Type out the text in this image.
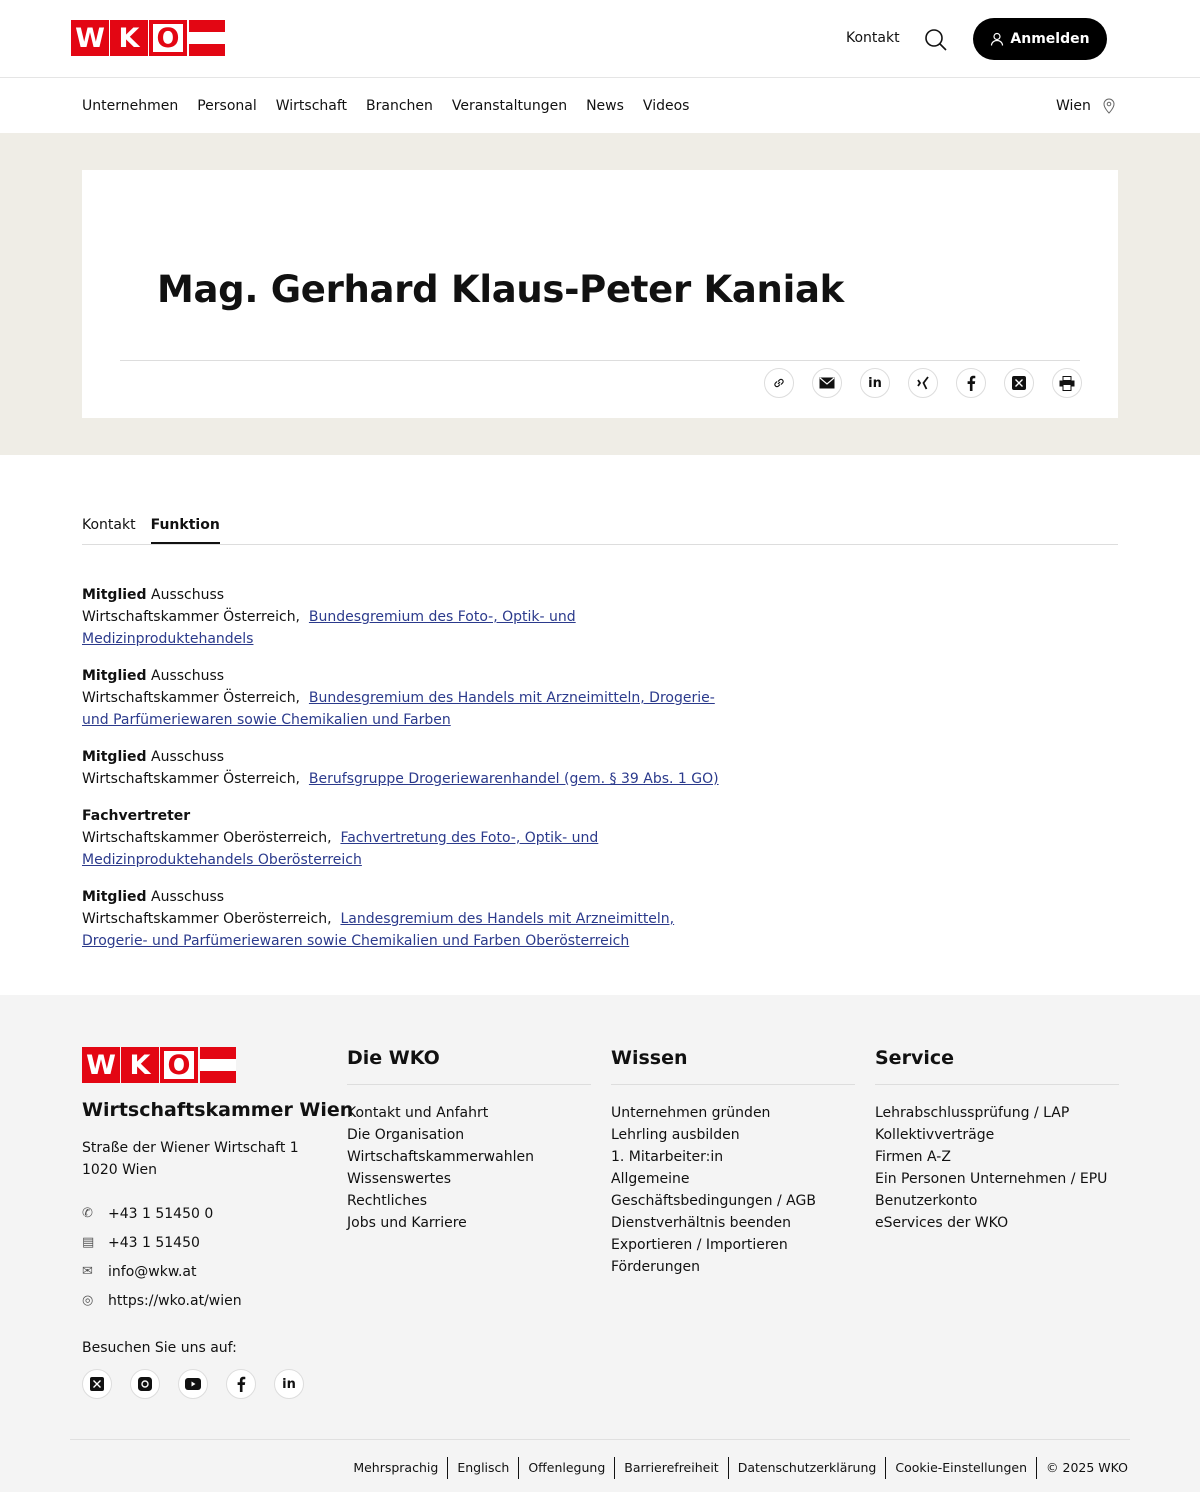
W K O	Kontakt	Anmelden
Unternehmen Personal Wirtschaft Branchen Veranstaltungen News Videos	Wien
Mag. Gerhard Klaus-Peter Kaniak
in
Kontakt Funktion
Mitglied Ausschuss
Wirtschaftskammer Österreich, Bundesgremium des Foto-, Optik- und Medizinproduktehandels
Mitglied Ausschuss
Wirtschaftskammer Österreich, Bundesgremium des Handels mit Arzneimitteln, Drogerie- und Parfümeriewaren sowie Chemikalien und Farben
Mitglied Ausschuss
Wirtschaftskammer Österreich, Berufsgruppe Drogeriewarenhandel (gem. § 39 Abs. 1 GO)
Fachvertreter
Wirtschaftskammer Oberösterreich, Fachvertretung des Foto-, Optik- und Medizinproduktehandels Oberösterreich
Mitglied Ausschuss
Wirtschaftskammer Oberösterreich, Landesgremium des Handels mit Arzneimitteln, Drogerie- und Parfümeriewaren sowie Chemikalien und Farben Oberösterreich
W K O
Wirtschaftskammer Wien
Straße der Wiener Wirtschaft 1
1020 Wien
✆	+43 1 51450 0
▤ +43 1 51450
✉	info@wkw.at
◎	https://wko.at/wien
Besuchen Sie uns auf:
in
Die WKO
Kontakt und Anfahrt
Die Organisation
Wirtschaftskammerwahlen
Wissenswertes
Rechtliches
Jobs und Karriere
Wissen
Unternehmen gründen
Lehrling ausbilden
1. Mitarbeiter:in
Allgemeine Geschäftsbedingungen / AGB
Dienstverhältnis beenden
Exportieren / Importieren
Förderungen
Service
Lehrabschlussprüfung / LAP
Kollektivverträge
Firmen A-Z
Ein Personen Unternehmen / EPU
Benutzerkonto
eServices der WKO
Mehrsprachig	Englisch	Offenlegung	Barrierefreiheit	Datenschutzerklärung	Cookie-Einstellungen	© 2025 WKO
